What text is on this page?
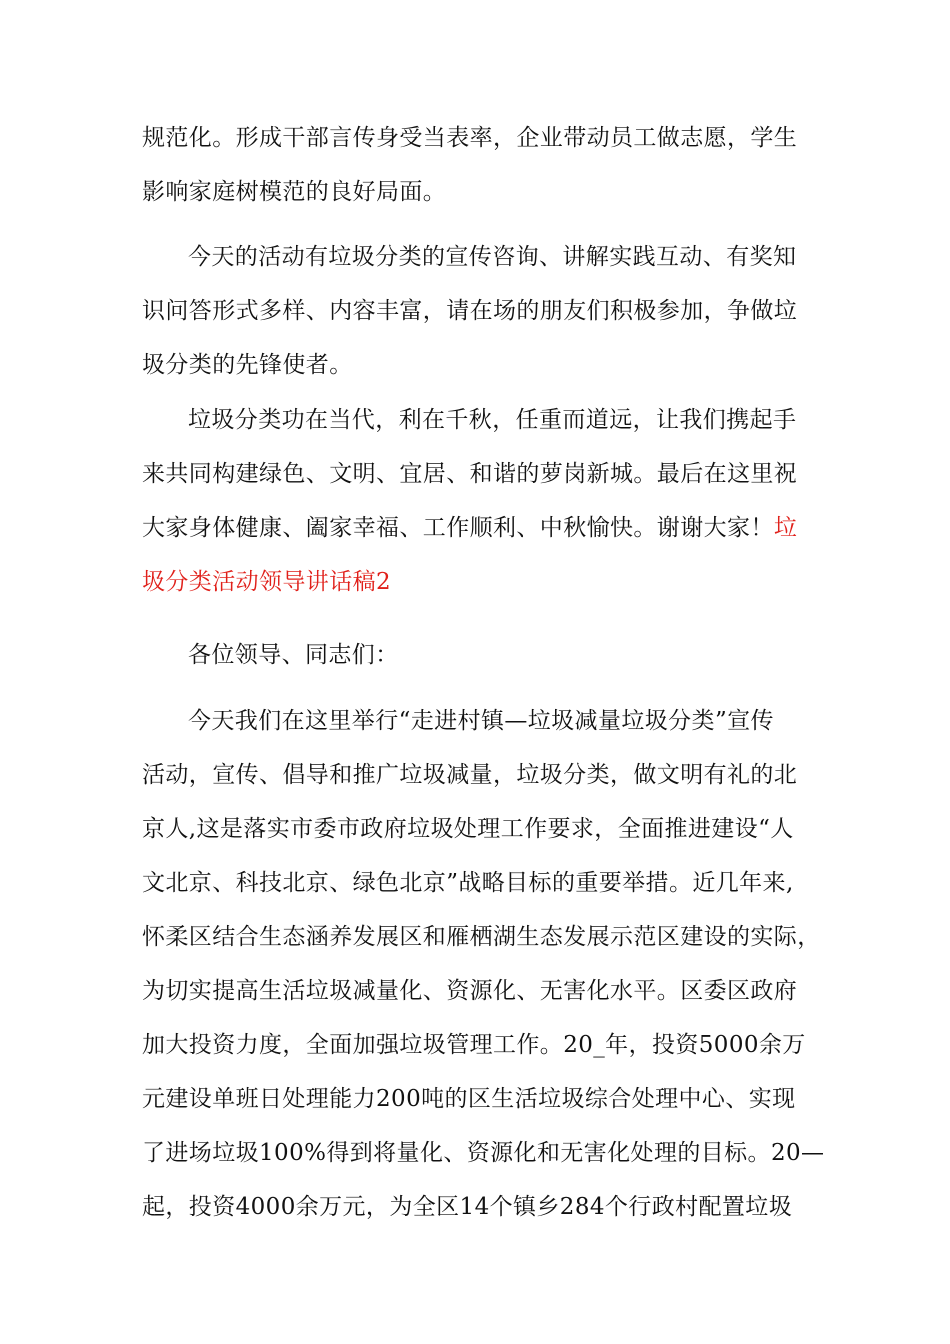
规范化。形成干部言传身受当表率，企业带动员工做志愿，学生
影响家庭树模范的良好局面。
今天的活动有垃圾分类的宣传咨询、讲解实践互动、有奖知
识问答形式多样、内容丰富，请在场的朋友们积极参加，争做垃
圾分类的先锋使者。
垃圾分类功在当代，利在千秋，任重而道远，让我们携起手
来共同构建绿色、文明、宜居、和谐的萝岗新城。最后在这里祝
大家身体健康、阖家幸福、工作顺利、中秋愉快。谢谢大家！垃
圾分类活动领导讲话稿2
各位领导、同志们：
今天我们在这里举行“走进村镇—垃圾减量垃圾分类”宣传
活动，宣传、倡导和推广垃圾减量，垃圾分类，做文明有礼的北
京人,这是落实市委市政府垃圾处理工作要求，全面推进建设“人
文北京、科技北京、绿色北京”战略目标的重要举措。近几年来,
怀柔区结合生态涵养发展区和雁栖湖生态发展示范区建设的实际，
为切实提高生活垃圾减量化、资源化、无害化水平。区委区政府
加大投资力度，全面加强垃圾管理工作。20_年，投资5000余万
元建设单班日处理能力200吨的区生活垃圾综合处理中心、实现
了进场垃圾100%得到将量化、资源化和无害化处理的目标。20—
起，投资4000余万元，为全区14个镇乡284个行政村配置垃圾
